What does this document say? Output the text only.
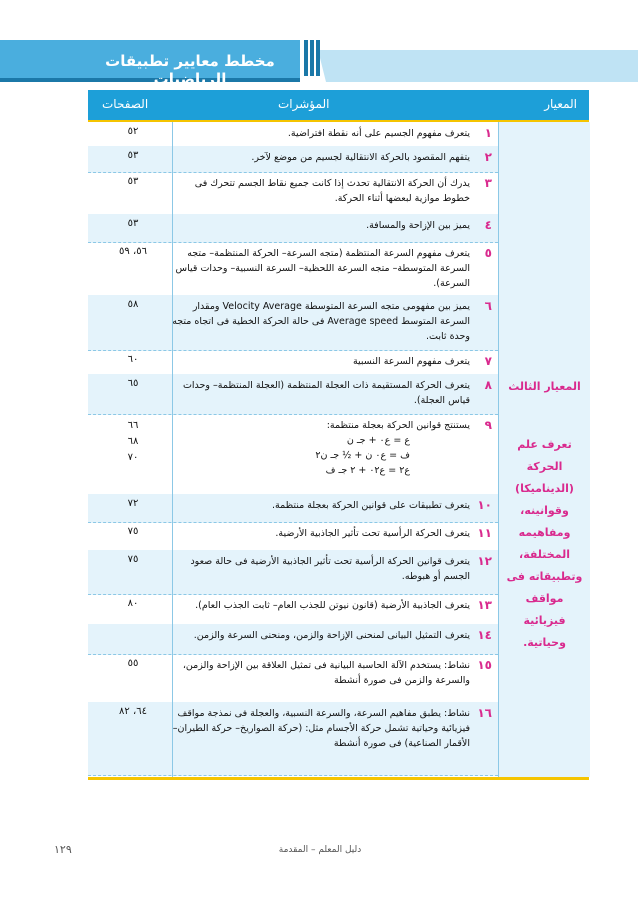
مخطط معايير تطبيقات الرياضيات
المعيار
المؤشرات
الصفحات
المعيار الثالث
تعرف علم الحركة (الديناميكا) وقوانينه، ومفاهيمه المختلفة، وتطبيقاته فى مواقف فيزيائية وحياتية.
١
يتعرف مفهوم الجسيم على أنه نقطة افتراضية.
٥٢
٢
يتفهم المقصود بالحركة الانتقالية لجسيم من موضع لآخر.
٥٣
٣
يدرك أن الحركة الانتقالية تحدث إذا كانت جميع نقاط الجسم تتحرك فى خطوط موازية لبعضها أثناء الحركة.
٥٣
٤
يميز بين الإزاحة والمسافة.
٥٣
٥
يتعرف مفهوم السرعة المنتظمة (متجه السرعة– الحركة المنتظمة– متجه السرعة المتوسطة– متجه السرعة اللحظية– السرعة النسبية– وحدات قياس السرعة).
٥٦، ٥٩
٦
يميز بين مفهومى متجه السرعة المتوسطة Velocity Average ومقدار السرعة المتوسط Average speed فى حالة الحركة الخطية فى اتجاه متجه وحدة ثابت.
٥٨
٧
يتعرف مفهوم السرعة النسبية
٦٠
٨
يتعرف الحركة المستقيمة ذات العجلة المنتظمة (العجلة المنتظمة– وحدات قياس العجلة).
٦٥
٩
يستنتج قوانين الحركة بعجلة منتظمة:
ع = ع٠ + جـ ن
ف = ع٠ ن + ½ جـ ن٢
ع٢ = ع٠٢ + ٢ جـ ف
٦٦ ٦٨ ٧٠
١٠
يتعرف تطبيقات على قوانين الحركة بعجلة منتظمة.
٧٢
١١
يتعرف الحركة الرأسية تحت تأثير الجاذبية الأرضية.
٧٥
١٢
يتعرف قوانين الحركة الرأسية تحت تأثير الجاذبية الأرضية فى حالة صعود الجسم أو هبوطه.
٧٥
١٣
يتعرف الجاذبية الأرضية (قانون نيوتن للجذب العام– ثابت الجذب العام).
٨٠
١٤
يتعرف التمثيل البيانى لمنحنى الإزاحة والزمن، ومنحنى السرعة والزمن.
١٥
نشاط: يستخدم الآلة الحاسبة البيانية فى تمثيل العلاقة بين الإزاحة والزمن، والسرعة والزمن فى صورة أنشطة
٥٥
١٦
نشاط: يطبق مفاهيم السرعة، والسرعة النسبية، والعجلة فى نمذجة مواقف فيزيائية وحياتية تشمل حركة الأجسام مثل: (حركة الصواريخ– حركة الطيران– الأقمار الصناعية) فى صورة أنشطة
٦٤، ٨٢
١٢٩	دليل المعلم – المقدمة
